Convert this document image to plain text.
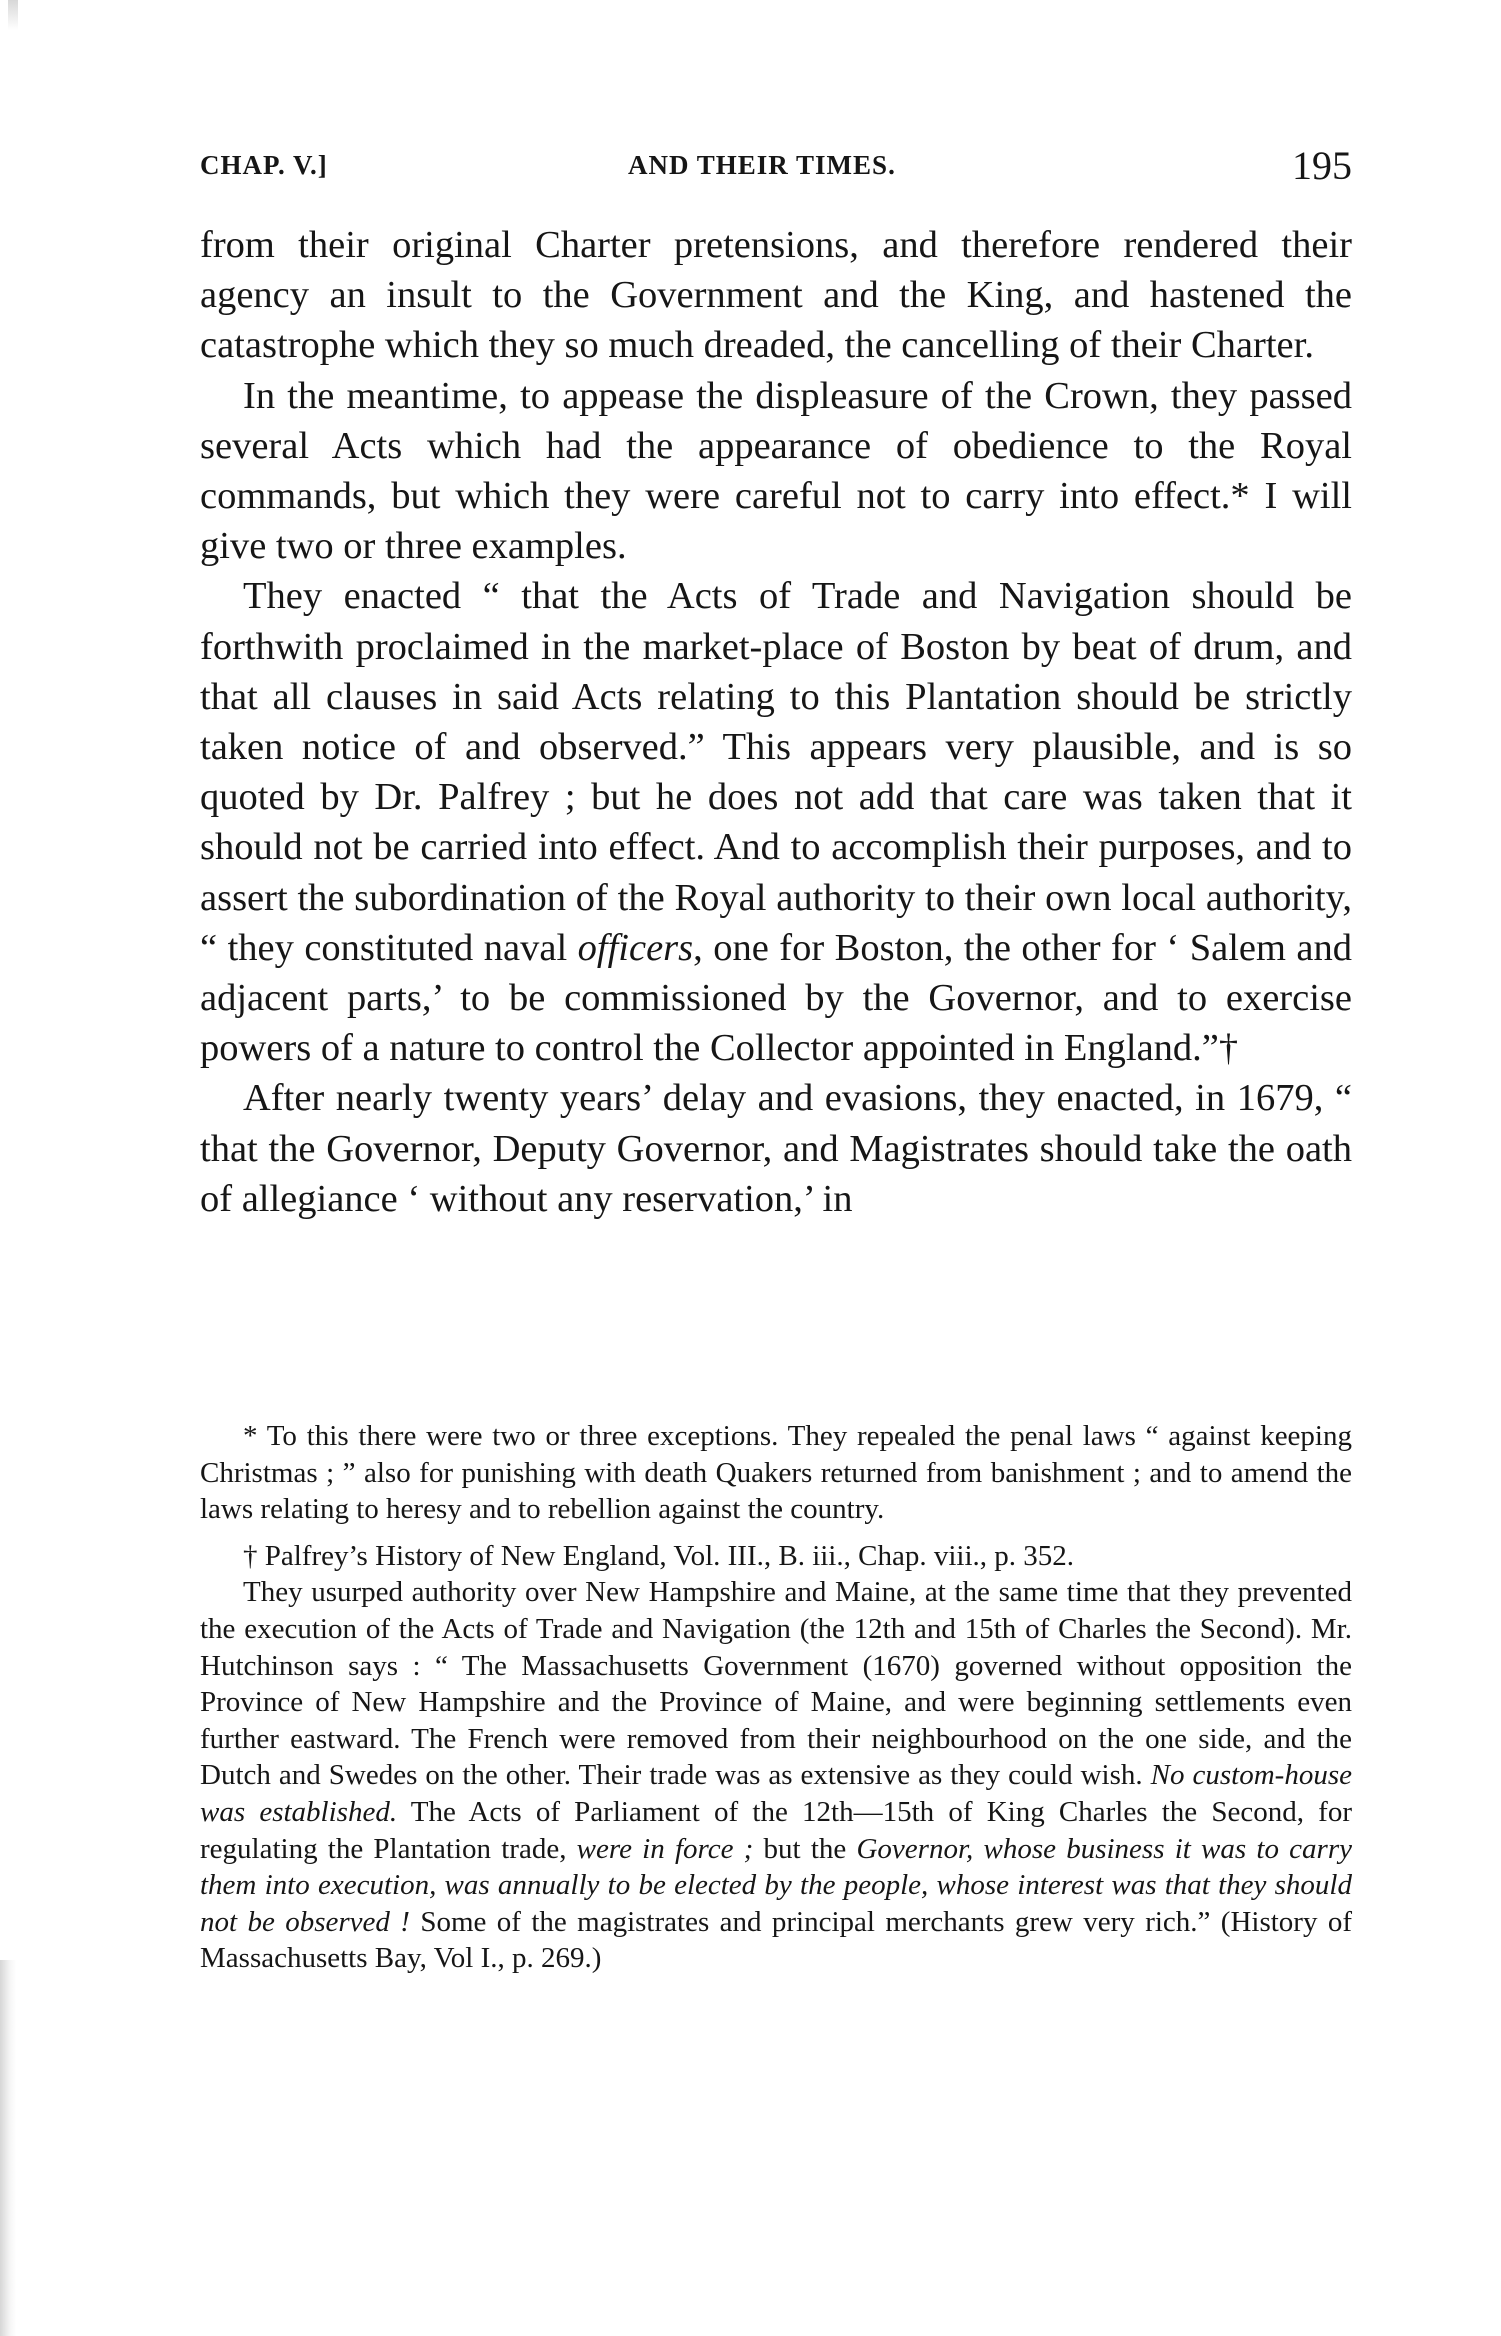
CHAP. V.]	AND THEIR TIMES.	195

from their original Charter pretensions, and therefore rendered their agency an insult to the Government and the King, and hastened the catastrophe which they so much dreaded, the cancelling of their Charter.

In the meantime, to appease the displeasure of the Crown, they passed several Acts which had the appearance of obedience to the Royal commands, but which they were careful not to carry into effect.* I will give two or three examples.

They enacted “ that the Acts of Trade and Navigation should be forthwith proclaimed in the market-place of Boston by beat of drum, and that all clauses in said Acts relating to this Plantation should be strictly taken notice of and observed.” This appears very plausible, and is so quoted by Dr. Palfrey ; but he does not add that care was taken that it should not be carried into effect. And to accomplish their purposes, and to assert the subordination of the Royal authority to their own local authority, “ they constituted naval officers, one for Boston, the other for ‘ Salem and adjacent parts,’ to be commissioned by the Governor, and to exercise powers of a nature to control the Collector appointed in England.”†

After nearly twenty years’ delay and evasions, they enacted, in 1679, “ that the Governor, Deputy Governor, and Magistrates should take the oath of allegiance ‘ without any reservation,’ in

* To this there were two or three exceptions. They repealed the penal laws “ against keeping Christmas ; ” also for punishing with death Quakers returned from banishment ; and to amend the laws relating to heresy and to rebellion against the country.

† Palfrey’s History of New England, Vol. III., B. iii., Chap. viii., p. 352.

They usurped authority over New Hampshire and Maine, at the same time that they prevented the execution of the Acts of Trade and Navigation (the 12th and 15th of Charles the Second). Mr. Hutchinson says : “ The Massachusetts Government (1670) governed without opposition the Province of New Hampshire and the Province of Maine, and were beginning settlements even further eastward. The French were removed from their neighbourhood on the one side, and the Dutch and Swedes on the other. Their trade was as extensive as they could wish. No custom-house was established. The Acts of Parliament of the 12th—15th of King Charles the Second, for regulating the Plantation trade, were in force ; but the Governor, whose business it was to carry them into execution, was annually to be elected by the people, whose interest was that they should not be observed ! Some of the magistrates and principal merchants grew very rich.” (History of Massachusetts Bay, Vol I., p. 269.)
